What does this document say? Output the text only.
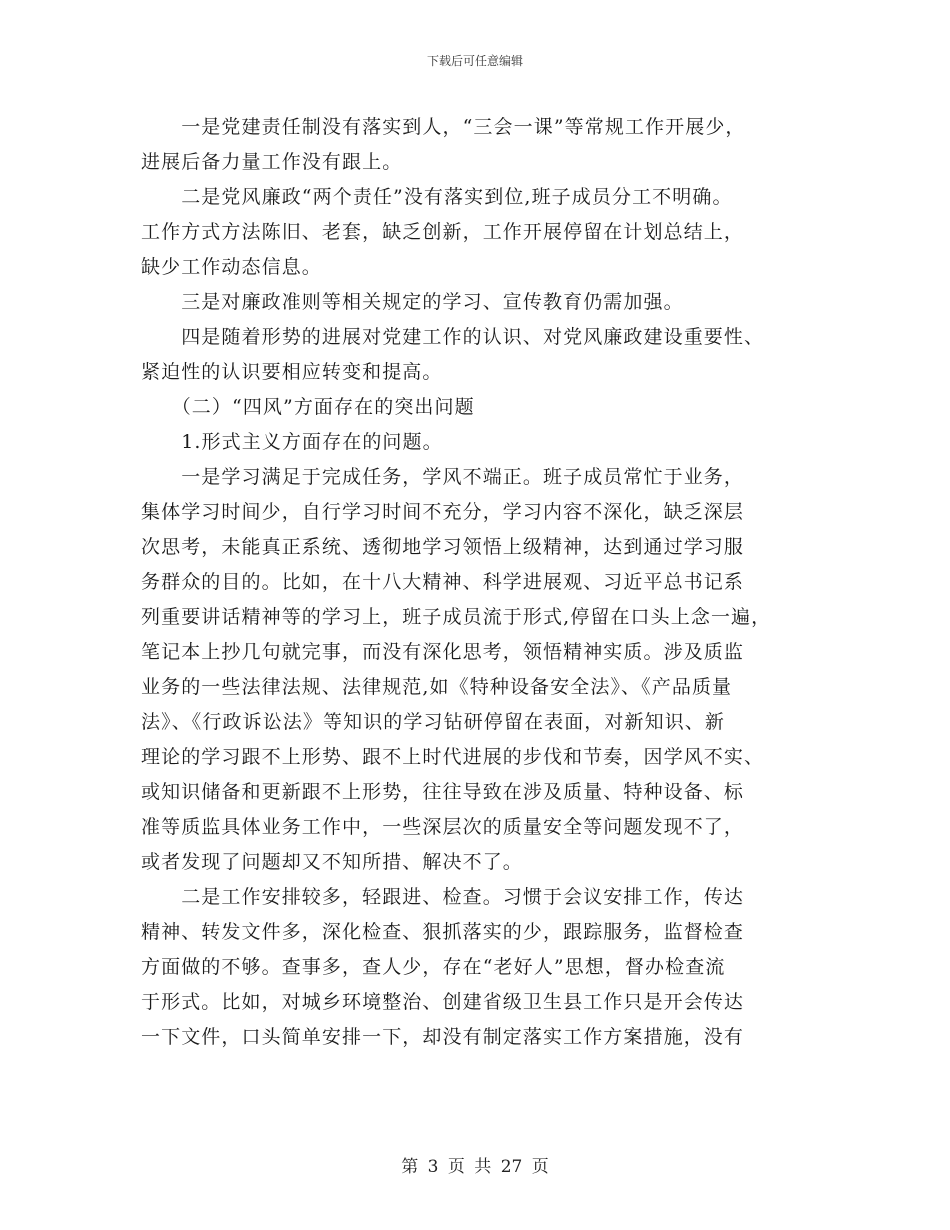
下载后可任意编辑
　　一是党建责任制没有落实到人，“三会一课”等常规工作开展少，
进展后备力量工作没有跟上。
　　二是党风廉政“两个责任”没有落实到位,班子成员分工不明确。
工作方式方法陈旧、老套，缺乏创新，工作开展停留在计划总结上，
缺少工作动态信息。
　　三是对廉政准则等相关规定的学习、宣传教育仍需加强。
　　四是随着形势的进展对党建工作的认识、对党风廉政建设重要性、
紧迫性的认识要相应转变和提高。
　　（二）“四风”方面存在的突出问题
　　1.形式主义方面存在的问题。
　　一是学习满足于完成任务，学风不端正。班子成员常忙于业务，
集体学习时间少，自行学习时间不充分，学习内容不深化，缺乏深层
次思考，未能真正系统、透彻地学习领悟上级精神，达到通过学习服
务群众的目的。比如，在十八大精神、科学进展观、习近平总书记系
列重要讲话精神等的学习上，班子成员流于形式,停留在口头上念一遍，
笔记本上抄几句就完事，而没有深化思考，领悟精神实质。涉及质监
业务的一些法律法规、法律规范,如《特种设备安全法》、《产品质量
法》、《行政诉讼法》等知识的学习钻研停留在表面，对新知识、新
理论的学习跟不上形势、跟不上时代进展的步伐和节奏，因学风不实、
或知识储备和更新跟不上形势，往往导致在涉及质量、特种设备、标
准等质监具体业务工作中，一些深层次的质量安全等问题发现不了，
或者发现了问题却又不知所措、解决不了。
　　二是工作安排较多，轻跟进、检查。习惯于会议安排工作，传达
精神、转发文件多，深化检查、狠抓落实的少，跟踪服务，监督检查
方面做的不够。查事多，查人少，存在“老好人”思想，督办检查流
于形式。比如，对城乡环境整治、创建省级卫生县工作只是开会传达
一下文件，口头简单安排一下，却没有制定落实工作方案措施，没有
第 3 页 共 27 页
